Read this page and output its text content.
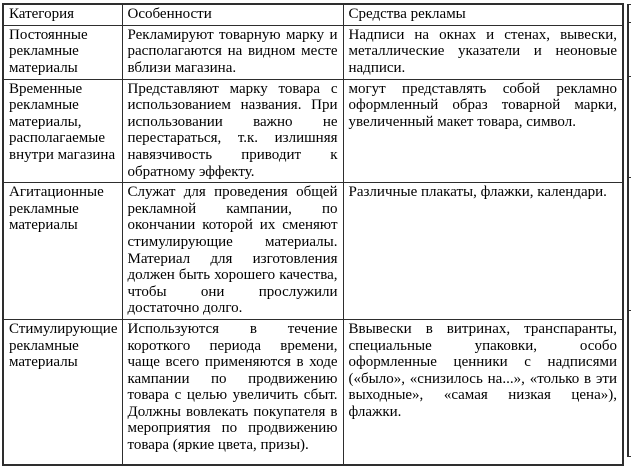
Категория	Особенности	Средства рекламы
Постоянные рекламные материалы	Рекламируют товарную марку и располагаются на видном месте вблизи магазина.	Надписи на окнах и стенах, вывески, металлические указатели и неоновые надписи.
Временные рекламные материалы, располагаемые внутри магазина	Представляют марку товара с использованием названия. При использовании важно не перестараться, т.к. излишняя навязчивость приводит к обратному эффекту.	могут представлять собой рекламно оформленный образ товарной марки, увеличенный макет товара, символ.
Агитационные рекламные материалы	Служат для проведения общей рекламной кампании, по окончании которой их сменяют стимулирующие материалы. Материал для изготовления должен быть хорошего качества, чтобы они прослужили достаточно долго.	Различные плакаты, флажки, календари.
Стимулирующие рекламные материалы	Используются в течение короткого периода времени, чаще всего применяются в ходе кампании по продвижению товара с целью увеличить сбыт. Должны вовлекать покупателя в мероприятия по продвижению товара (яркие цвета, призы).	Ввывески в витринах, транспаранты, специальные упаковки, особо оформленные ценники с надписями («было», «снизилось на...», «только в эти выходные», «самая низкая цена»), флажки.
